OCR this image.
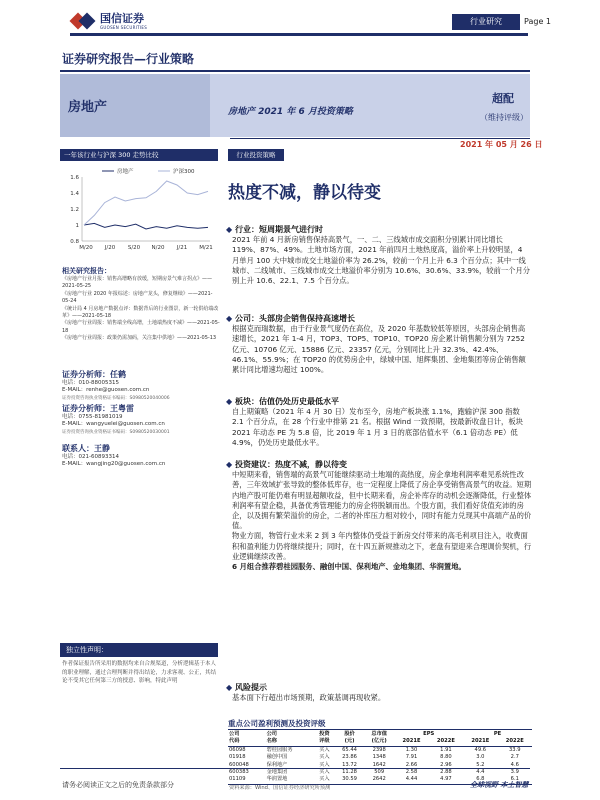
国信证券
GUOSEN SECURITIES
行业研究	Page 1
证券研究报告—行业策略
房地产	房地产 2021 年 6 月投资策略
超配
（维持评级）
2021 年 05 月 26 日
一年该行业与沪深 300 走势比较
1.6
1.4
1.2
1
0.8
M/20 J/20 S/20 N/20 J/21 M/21
房地产	沪深300
相关研究报告：
《房地产行业月报：销售高增略有放缓，短期房景气难言拐点》——2021-05-25
《房地产行业 2020 年报综述：房地产龙头，修复继续》——2021-05-24
《统计局 4 月房地产数据点评：数据背后的行业图景，新一轮供给端改革》——2021-05-18
《房地产行业周报：销售端全线高增，土地端热度不减》——2021-05-18
《房地产行业周报：政策仍需加码，关注集中供地》——2021-05-13
证券分析师：任鹤
电话：010-88005315
E-MAIL：renhe@guosen.com.cn
证券投资咨询执业资格证书编码：S0980520040006
证券分析师：王粤雷
电话：0755-81981019
E-MAIL：wangyuelei@guosen.com.cn
证券投资咨询执业资格证书编码：S0980520030001
联系人：王静
电话：021-60893314
E-MAIL：wangjing20@guosen.com.cn
独立性声明：
作者保证报告所采用的数据均来自合规渠道，分析逻辑基于本人的职业理解，通过合理判断并得出结论，力求客观、公正，其结论不受其它任何第三方的授意、影响，特此声明
行业投资策略
热度不减，静以待变
◆ 行业：短周期景气进行时

2021 年前 4 月新房销售保持高景气，一、二、三线城市成交面积分别累计同比增长 119%、87%、49%。土地市场方面，2021 年前四月土地热度高，溢价率上升较明显，4 月单月 100 大中城市成交土地溢价率为 26.2%，较前一个月上升 6.3 个百分点；其中一线城市、二线城市、三线城市成交土地溢价率分别为 10.6%、30.6%、33.9%，较前一个月分别上升 10.6、22.1、7.5 个百分点。

◆ 公司：头部房企销售保持高速增长

根据克而瑞数据，由于行业景气度仍在高位，及 2020 年基数较低等原因，头部房企销售高速增长，2021 年 1-4 月，TOP3、TOP5、TOP10、TOP20 房企累计销售额分别为 7252 亿元、10706 亿元、15886 亿元、23357 亿元，分别同比上升 32.3%、42.4%、46.1%、55.9%；在 TOP20 的优势房企中，绿城中国、旭辉集团、金地集团等房企销售额累计同比增速均超过 100%。

◆ 板块：估值仍处历史最低水平

自上期策略（2021 年 4 月 30 日）发布至今，房地产板块涨 1.1%，跑输沪深 300 指数 2.1 个百分点，在 28 个行业中排第 21 名。根据 Wind 一致预期，按最新收盘日计，板块 2021 年动态 PE 为 5.8 倍，比 2019 年 1 月 3 日的底部估值水平（6.1 倍动态 PE）低 4.9%，仍处历史最低水平。

◆ 投资建议：热度不减，静以待变

中短期来看，销售端的高景气可能继续驱动土地端的高热度，房企拿地利润率难见系统性改善，三年效域扩张导致的整体低库存，也一定程度上降低了房企享受销售高景气的收益。短期内地产股可能仍难有明显超额收益，但中长期来看，房企补库存的动机会逐渐降低，行业整体利润率有望企稳，具备优秀管理能力的房企将脱颖而出。个股方面，我们看好货值充沛的房企，以及拥有繁荣溢价的房企，二者的补库压力相对较小，同时有能力兑现其中高端产品的价值。

物业方面，物管行业未来 2 到 3 年内整体仍受益于新房交付带来的高毛利项目注入，收费面积和盈利能力仍将继续提升；同时，在十四五新规推动之下，老盘有望迎来合理调价契机，行业逻辑继续改善。

6 月组合推荐碧桂园服务、融创中国、保利地产、金地集团、华润置地。

◆ 风险提示

基本面下行超出市场预期，政策基调再现收紧。

重点公司盈利预测及投资评级
公司	公司	投资	股价	总市值	EPS		PE	
代码	名称	评级	(元)	(亿元)	2021E	2022E	2021E	2022E
06098	碧桂园服务	买入	65.44	2398	1.30	1.91	49.6	33.9
01918	融创中国	买入	23.86	1348	7.91	8.80	3.0	2.7
600048	保利地产	买入	13.72	1642	2.66	2.96	5.2	4.6
600383	金地集团	买入	11.28	509	2.58	2.88	4.4	3.9
01109	华润置地	买入	30.59	2642	4.44	4.97	6.8	6.1
资料来源：Wind、国信证券经济研究所预测								
请务必阅读正文之后的免责条款部分	全球视野 本土智慧
